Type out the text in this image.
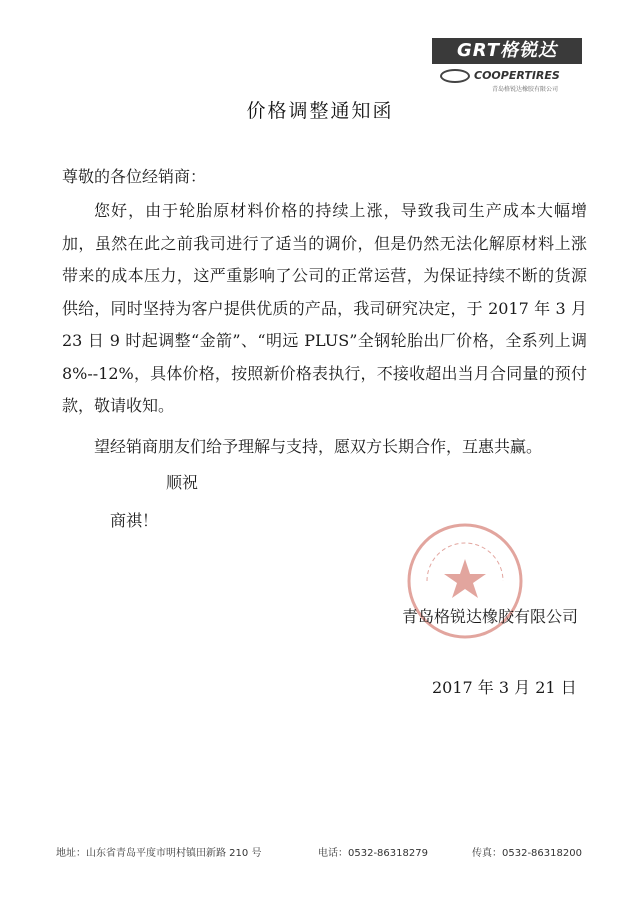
GRT格锐达
COOPERTIRES
青岛格锐达橡胶有限公司
价格调整通知函
尊敬的各位经销商：

您好，由于轮胎原材料价格的持续上涨，导致我司生产成本大幅增加，虽然在此之前我司进行了适当的调价，但是仍然无法化解原材料上涨带来的成本压力，这严重影响了公司的正常运营，为保证持续不断的货源供给，同时坚持为客户提供优质的产品，我司研究决定，于 2017 年 3 月 23 日 9 时起调整“金箭”、“明远 PLUS”全钢轮胎出厂价格，全系列上调 8%--12%，具体价格，按照新价格表执行，不接收超出当月合同量的预付款，敬请收知。

望经销商朋友们给予理解与支持，愿双方长期合作，互惠共赢。

顺祝
商祺！
青岛格锐达橡胶有限公司
2017 年 3 月 21 日
地址：山东省青岛平度市明村镇田新路 210 号	电话：0532-86318279	传真：0532-86318200
